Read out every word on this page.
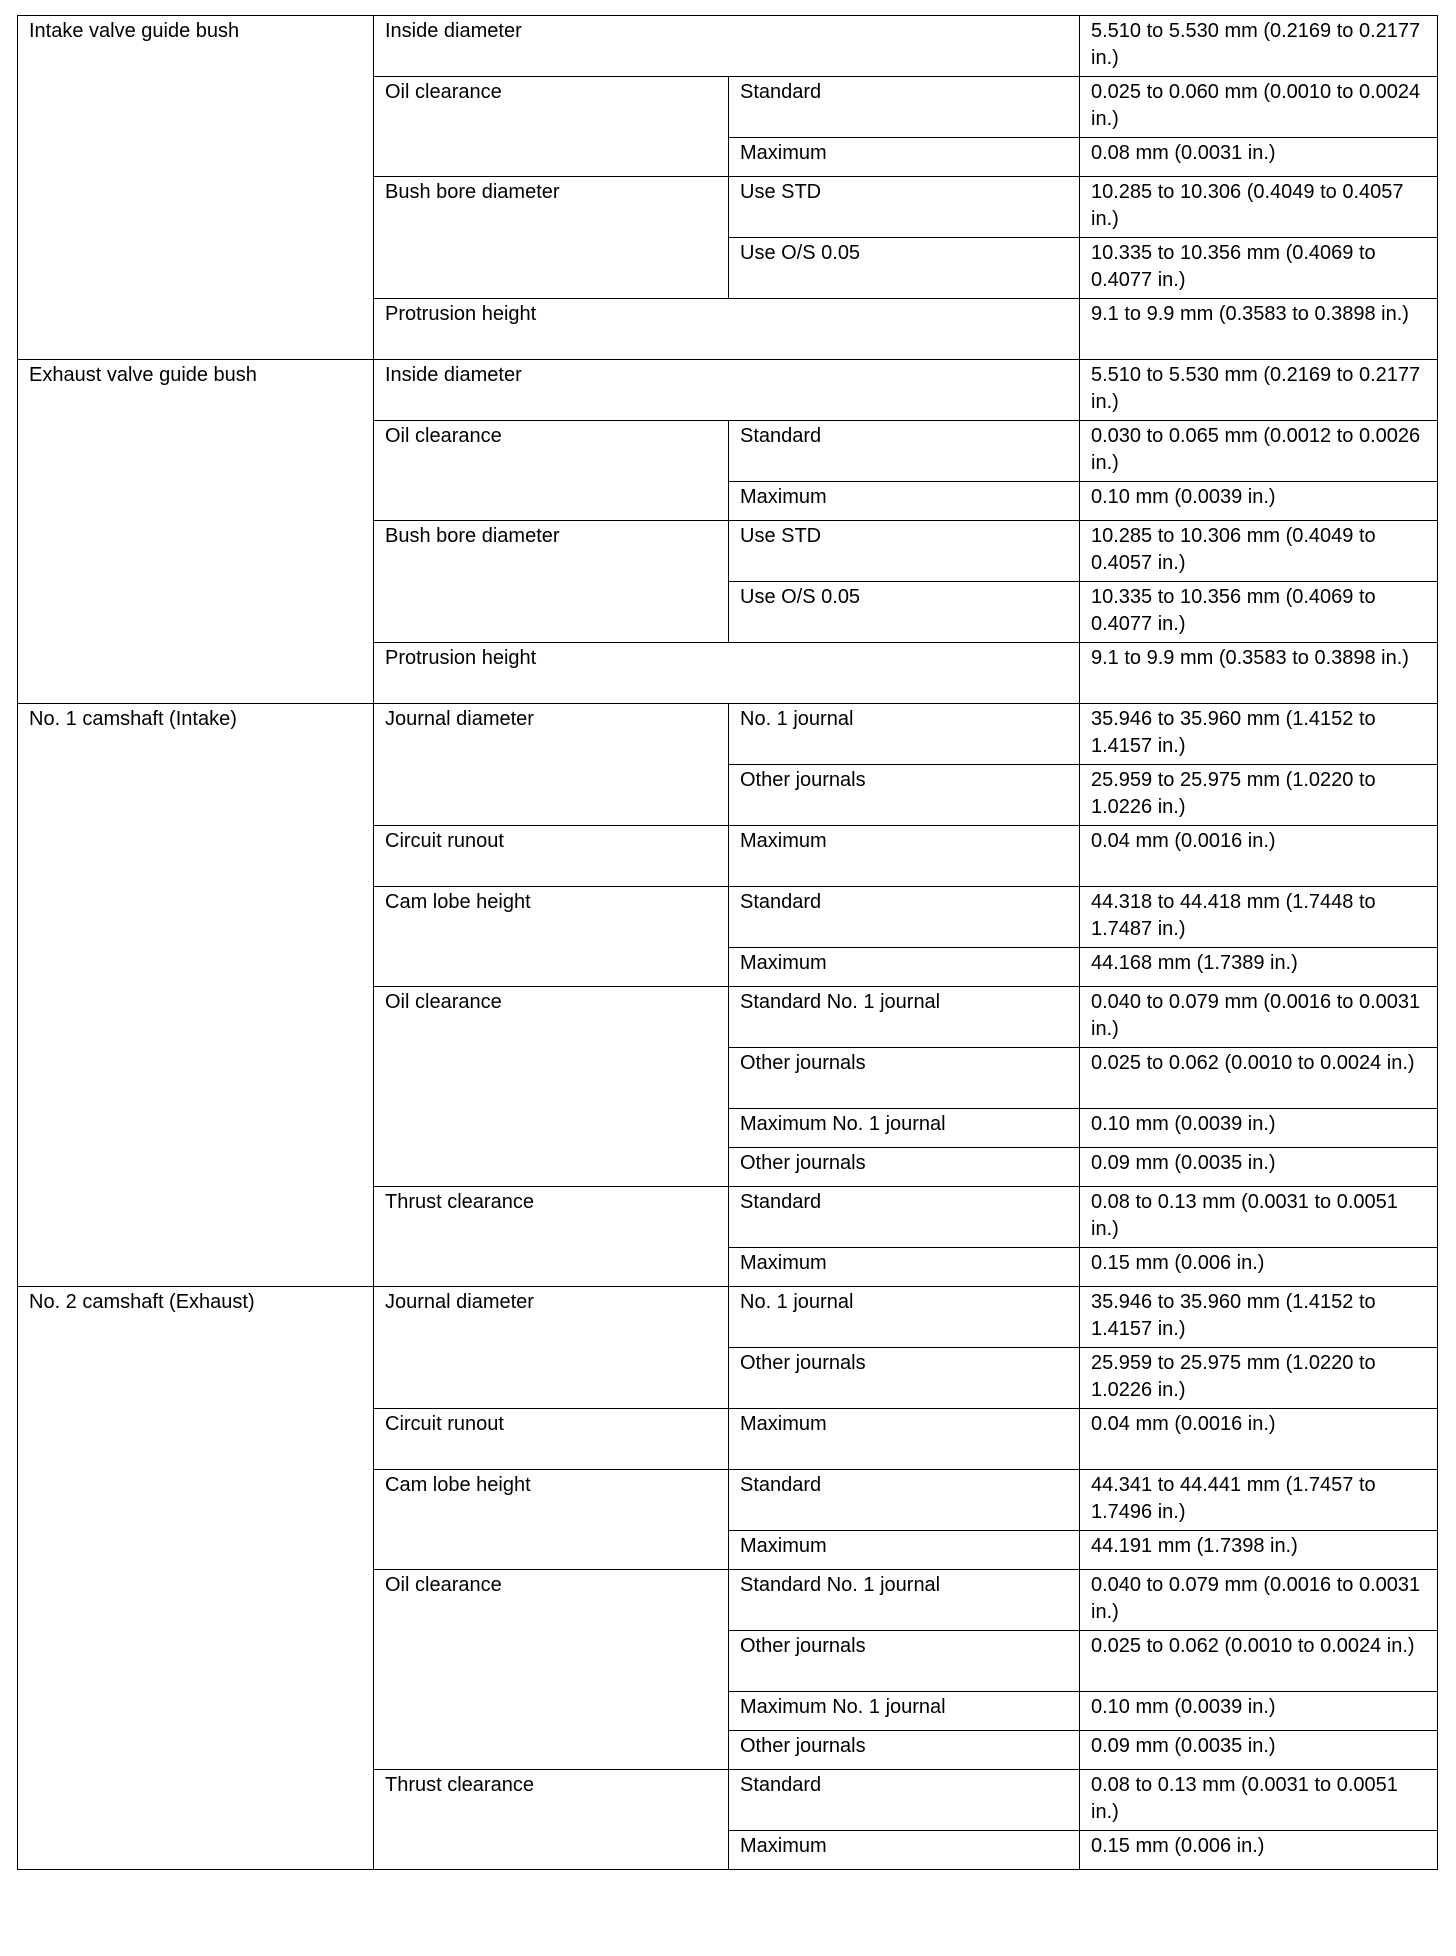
Intake valve guide bush	Inside diameter		5.510 to 5.530 mm (0.2169 to 0.2177 in.)
	Oil clearance	Standard	0.025 to 0.060 mm (0.0010 to 0.0024 in.)
		Maximum	0.08 mm (0.0031 in.)
	Bush bore diameter	Use STD	10.285 to 10.306 (0.4049 to 0.4057 in.)
		Use O/S 0.05	10.335 to 10.356 mm (0.4069 to 0.4077 in.)
	Protrusion height		9.1 to 9.9 mm (0.3583 to 0.3898 in.)
Exhaust valve guide bush	Inside diameter		5.510 to 5.530 mm (0.2169 to 0.2177 in.)
	Oil clearance	Standard	0.030 to 0.065 mm (0.0012 to 0.0026 in.)
		Maximum	0.10 mm (0.0039 in.)
	Bush bore diameter	Use STD	10.285 to 10.306 mm (0.4049 to 0.4057 in.)
		Use O/S 0.05	10.335 to 10.356 mm (0.4069 to 0.4077 in.)
	Protrusion height		9.1 to 9.9 mm (0.3583 to 0.3898 in.)
No. 1 camshaft (Intake)	Journal diameter	No. 1 journal	35.946 to 35.960 mm (1.4152 to 1.4157 in.)
		Other journals	25.959 to 25.975 mm (1.0220 to 1.0226 in.)
	Circuit runout	Maximum	0.04 mm (0.0016 in.)
	Cam lobe height	Standard	44.318 to 44.418 mm (1.7448 to 1.7487 in.)
		Maximum	44.168 mm (1.7389 in.)
	Oil clearance	Standard No. 1 journal	0.040 to 0.079 mm (0.0016 to 0.0031 in.)
		Other journals	0.025 to 0.062 (0.0010 to 0.0024 in.)
		Maximum No. 1 journal	0.10 mm (0.0039 in.)
		Other journals	0.09 mm (0.0035 in.)
	Thrust clearance	Standard	0.08 to 0.13 mm (0.0031 to 0.0051 in.)
		Maximum	0.15 mm (0.006 in.)
No. 2 camshaft (Exhaust)	Journal diameter	No. 1 journal	35.946 to 35.960 mm (1.4152 to 1.4157 in.)
		Other journals	25.959 to 25.975 mm (1.0220 to 1.0226 in.)
	Circuit runout	Maximum	0.04 mm (0.0016 in.)
	Cam lobe height	Standard	44.341 to 44.441 mm (1.7457 to 1.7496 in.)
		Maximum	44.191 mm (1.7398 in.)
	Oil clearance	Standard No. 1 journal	0.040 to 0.079 mm (0.0016 to 0.0031 in.)
		Other journals	0.025 to 0.062 (0.0010 to 0.0024 in.)
		Maximum No. 1 journal	0.10 mm (0.0039 in.)
		Other journals	0.09 mm (0.0035 in.)
	Thrust clearance	Standard	0.08 to 0.13 mm (0.0031 to 0.0051 in.)
		Maximum	0.15 mm (0.006 in.)
